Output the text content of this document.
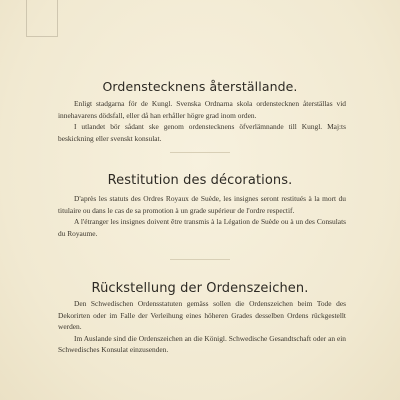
Ordenstecknens återställande.

Enligt stadgarna för de Kungl. Svenska Ordnarna skola ordenstecknen återställas vid innehavarens dödsfall, eller då han erhåller högre grad inom orden.

I utlandet bör sådant ske genom ordenstecknens öfverlämnande till Kungl. Maj:ts beskickning eller svenskt konsulat.

Restitution des décorations.

D'après les statuts des Ordres Royaux de Suède, les insignes seront restitués à la mort du titulaire ou dans le cas de sa promotion à un grade supérieur de l'ordre respectif.

A l'étranger les insignes doivent être transmis à la Légation de Suède ou à un des Consulats du Royaume.

Rückstellung der Ordenszeichen.

Den Schwedischen Ordensstatuten gemäss sollen die Ordenszeichen beim Tode des Dekorirten oder im Falle der Verleihung eines höheren Grades desselben Ordens rückgestellt werden.

Im Auslande sind die Ordenszeichen an die Königl. Schwedische Gesandtschaft oder an ein Schwedisches Konsulat einzusenden.
